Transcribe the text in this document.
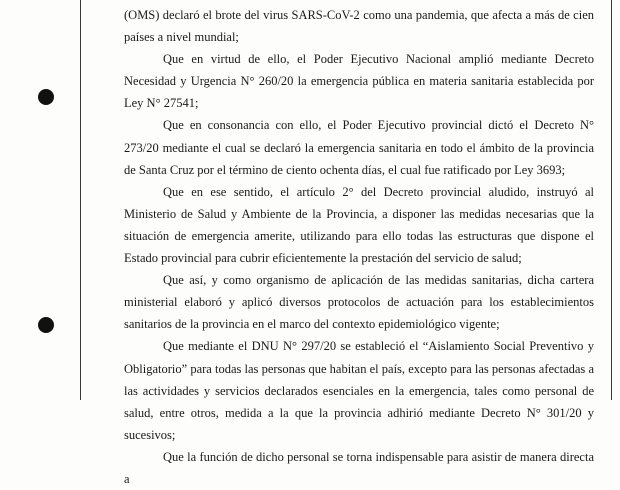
(OMS) declaró el brote del virus SARS-CoV-2 como una pandemia, que afecta a más de cien países a nivel mundial;

Que en virtud de ello, el Poder Ejecutivo Nacional amplió mediante Decreto Necesidad y Urgencia N° 260/20 la emergencia pública en materia sanitaria establecida por Ley N° 27541;

Que en consonancia con ello, el Poder Ejecutivo provincial dictó el Decreto N° 273/20 mediante el cual se declaró la emergencia sanitaria en todo el ámbito de la provincia de Santa Cruz por el término de ciento ochenta días, el cual fue ratificado por Ley 3693;

Que en ese sentido, el artículo 2° del Decreto provincial aludido, instruyó al Ministerio de Salud y Ambiente de la Provincia, a disponer las medidas necesarias que la situación de emergencia amerite, utilizando para ello todas las estructuras que dispone el Estado provincial para cubrir eficientemente la prestación del servicio de salud;

Que así, y como organismo de aplicación de las medidas sanitarias, dicha cartera ministerial elaboró y aplicó diversos protocolos de actuación para los establecimientos sanitarios de la provincia en el marco del contexto epidemiológico vigente;

Que mediante el DNU N° 297/20 se estableció el “Aislamiento Social Preventivo y Obligatorio” para todas las personas que habitan el país, excepto para las personas afectadas a las actividades y servicios declarados esenciales en la emergencia, tales como personal de salud, entre otros, medida a la que la provincia adhirió mediante Decreto N° 301/20 y sucesivos;

Que la función de dicho personal se torna indispensable para asistir de manera directa a
